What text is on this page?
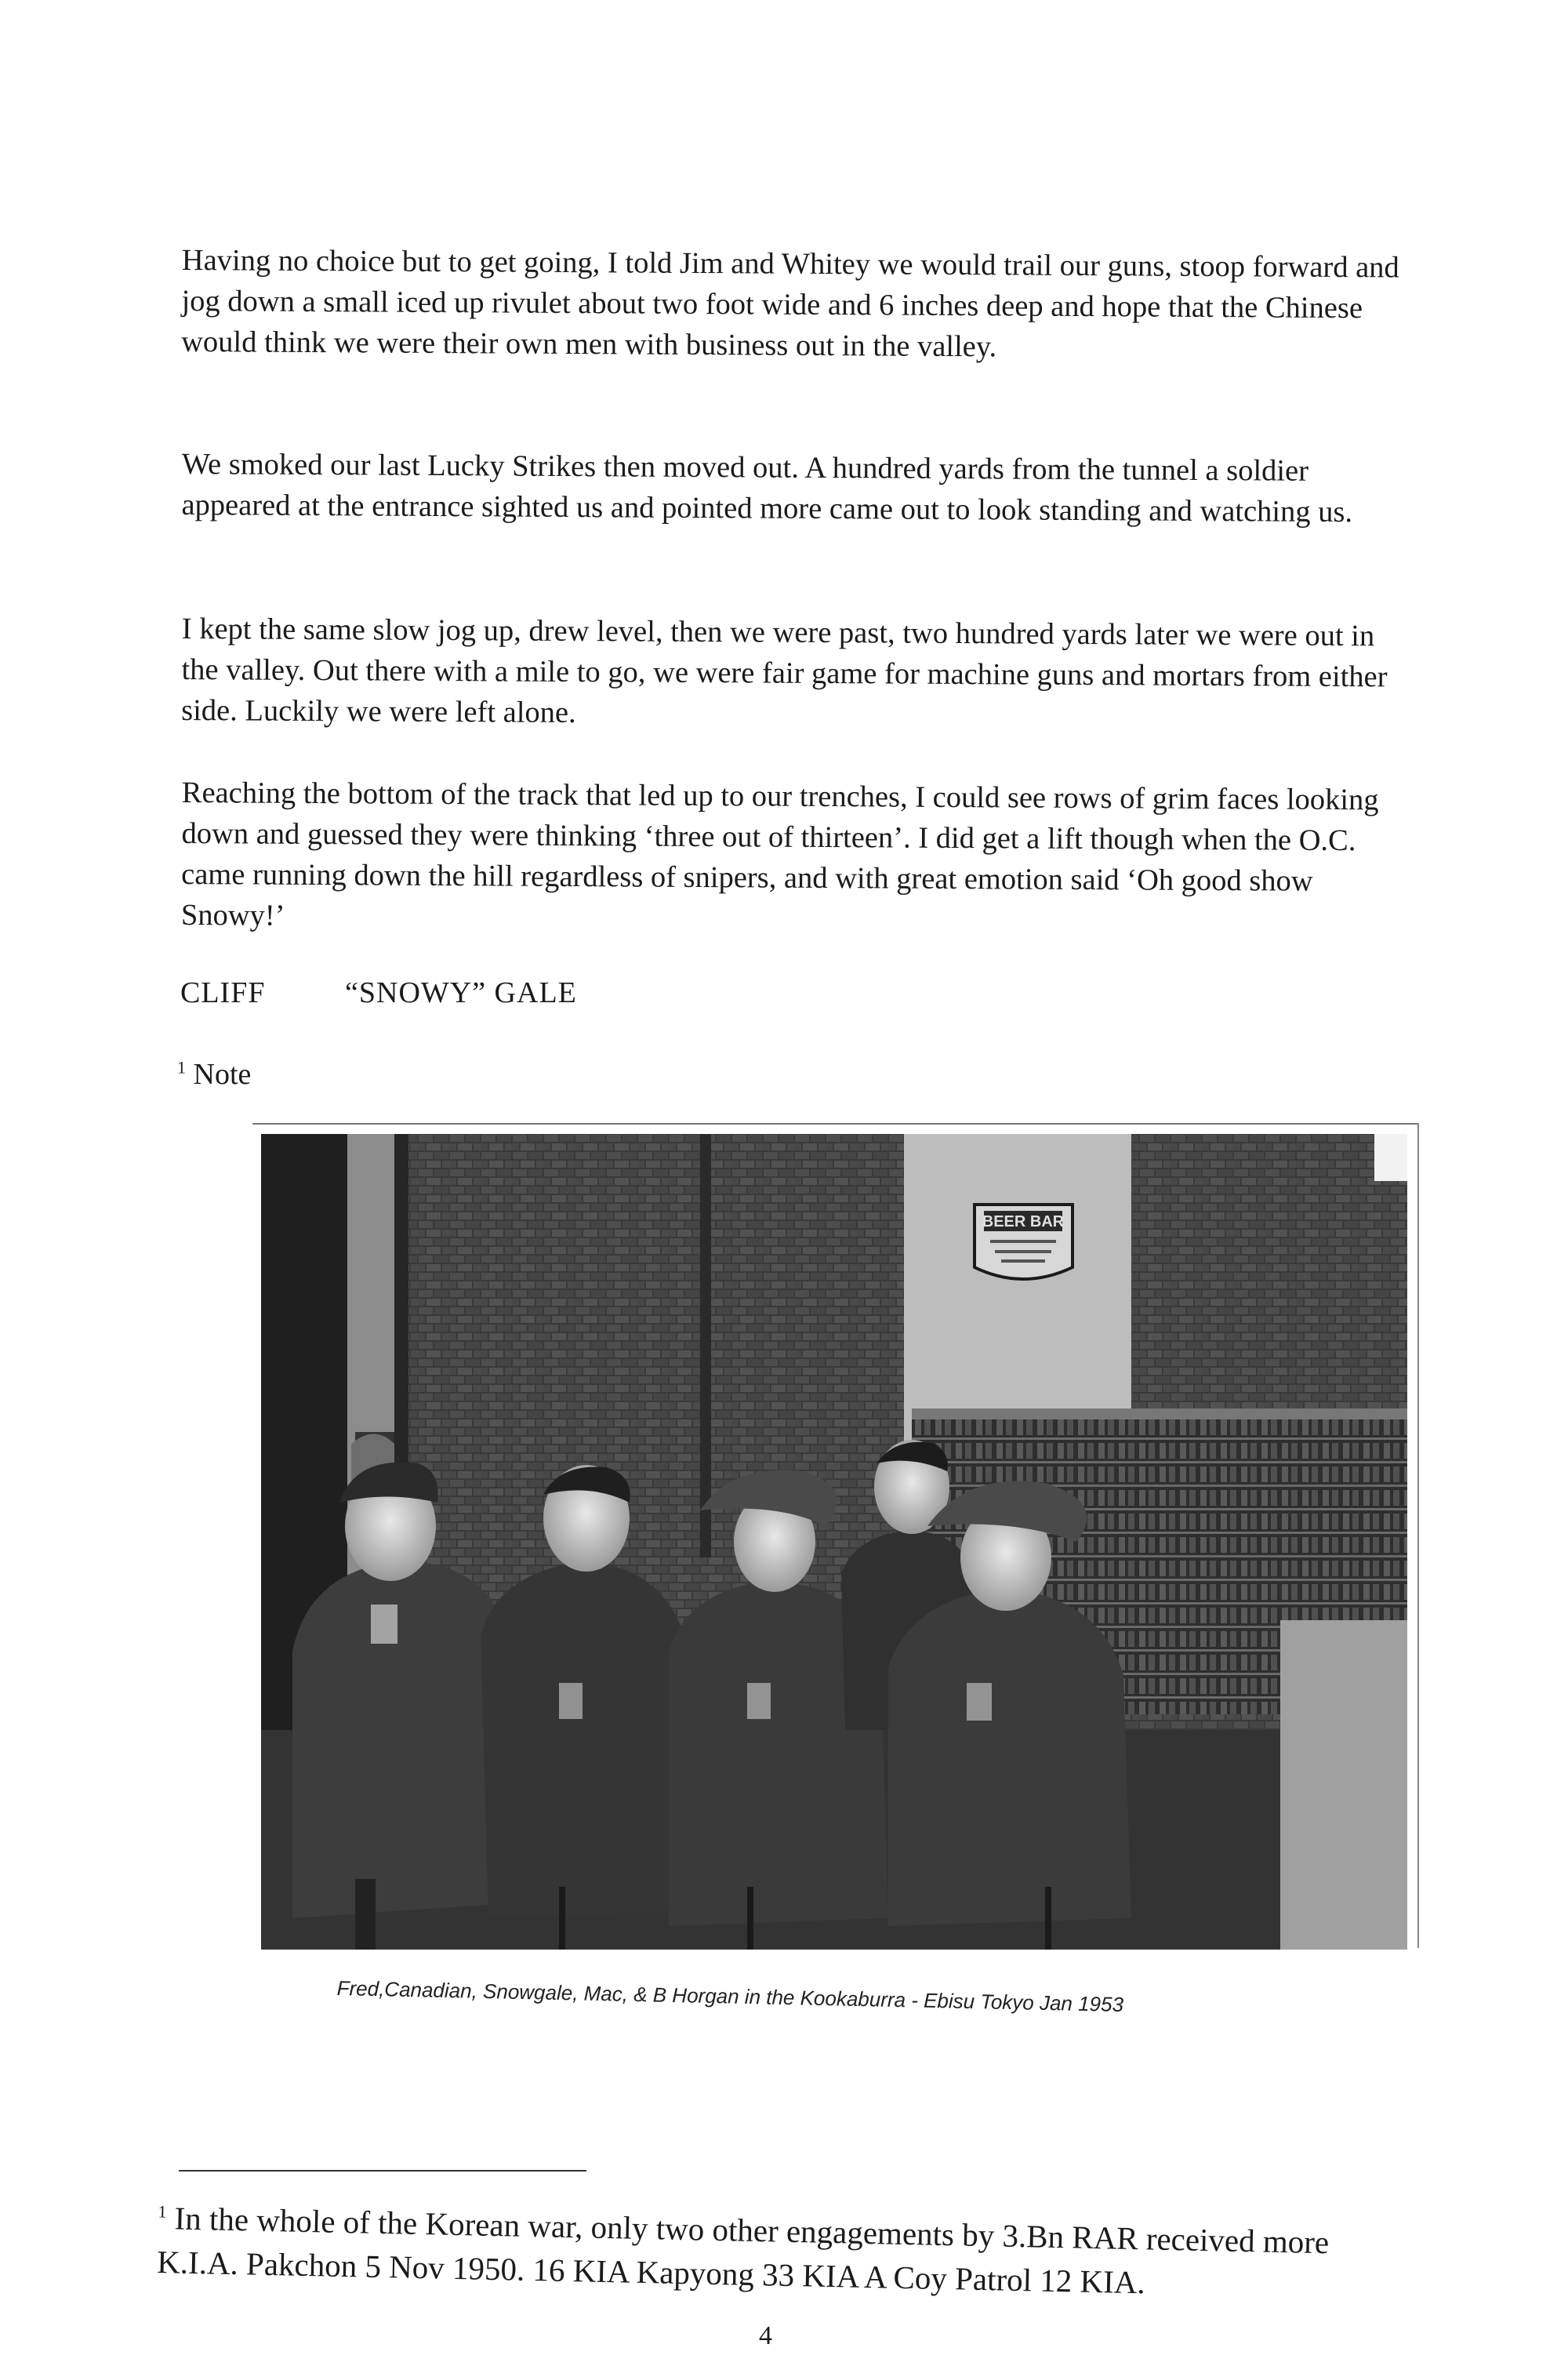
Having no choice but to get going, I told Jim and Whitey we would trail our guns, stoop forward and jog down a small iced up rivulet about two foot wide and 6 inches deep and hope that the Chinese would think we were their own men with business out in the valley.

We smoked our last Lucky Strikes then moved out. A hundred yards from the tunnel a soldier appeared at the entrance sighted us and pointed more came out to look standing and watching us.

I kept the same slow jog up, drew level, then we were past, two hundred yards later we were out in the valley. Out there with a mile to go, we were fair game for machine guns and mortars from either side. Luckily we were left alone.

Reaching the bottom of the track that led up to our trenches, I could see rows of grim faces looking down and guessed they were thinking ‘three out of thirteen’. I did get a lift though when the O.C. came running down the hill regardless of snipers, and with great emotion said ‘Oh good show Snowy!’

CLIFF	“SNOWY” GALE
$^1$ Note
BEER BAR
Fred,Canadian, Snowgale, Mac, & B Horgan in the Kookaburra - Ebisu Tokyo Jan 1953
$^1$ In the whole of the Korean war, only two other engagements by 3.Bn RAR received more K.I.A. Pakchon 5 Nov 1950. 16 KIA Kapyong 33 KIA A Coy Patrol 12 KIA.
4
